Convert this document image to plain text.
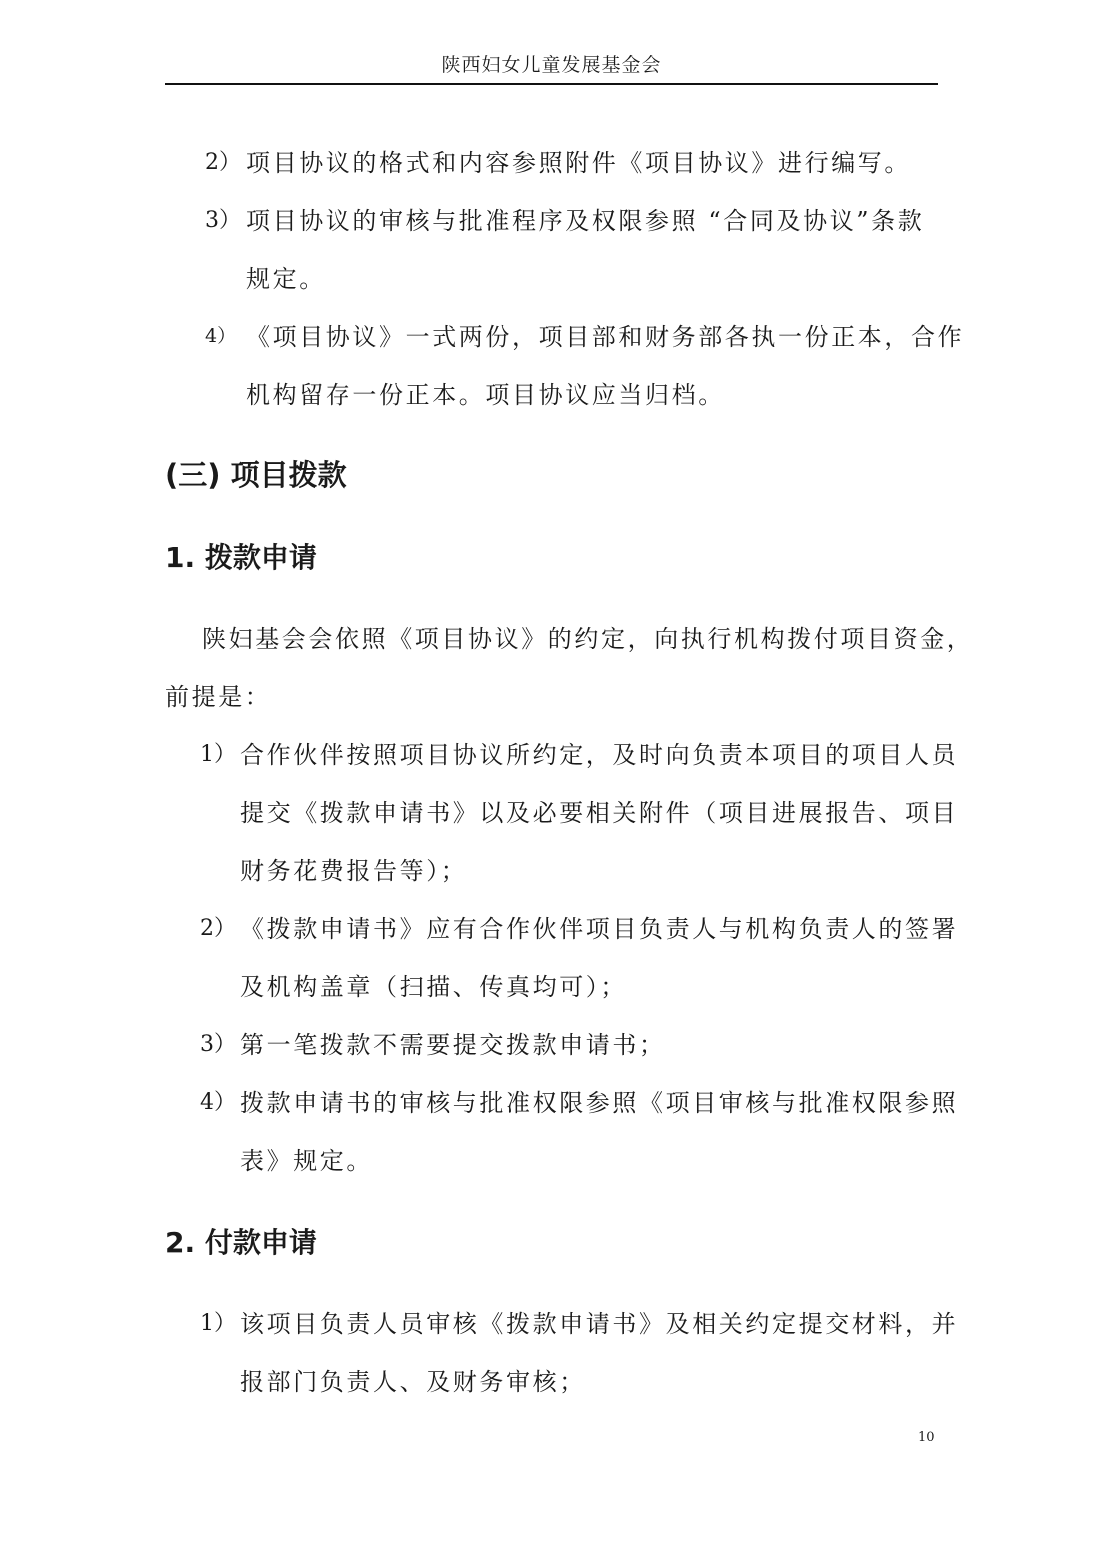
陕西妇女儿童发展基金会
2） 项目协议的格式和内容参照附件《项目协议》进行编写。
3） 项目协议的审核与批准程序及权限参照 “合同及协议”条款
规定。
4） 《项目协议》一式两份，项目部和财务部各执一份正本，合作
机构留存一份正本。项目协议应当归档。
(三) 项目拨款
1. 拨款申请
陕妇基会会依照《项目协议》的约定，向执行机构拨付项目资金，
前提是：
1） 合作伙伴按照项目协议所约定，及时向负责本项目的项目人员
提交《拨款申请书》以及必要相关附件（项目进展报告、项目
财务花费报告等）；
2） 《拨款申请书》应有合作伙伴项目负责人与机构负责人的签署
及机构盖章（扫描、传真均可）；
3） 第一笔拨款不需要提交拨款申请书；
4） 拨款申请书的审核与批准权限参照《项目审核与批准权限参照
表》规定。
2. 付款申请
1） 该项目负责人员审核《拨款申请书》及相关约定提交材料，并
报部门负责人、及财务审核；
10
